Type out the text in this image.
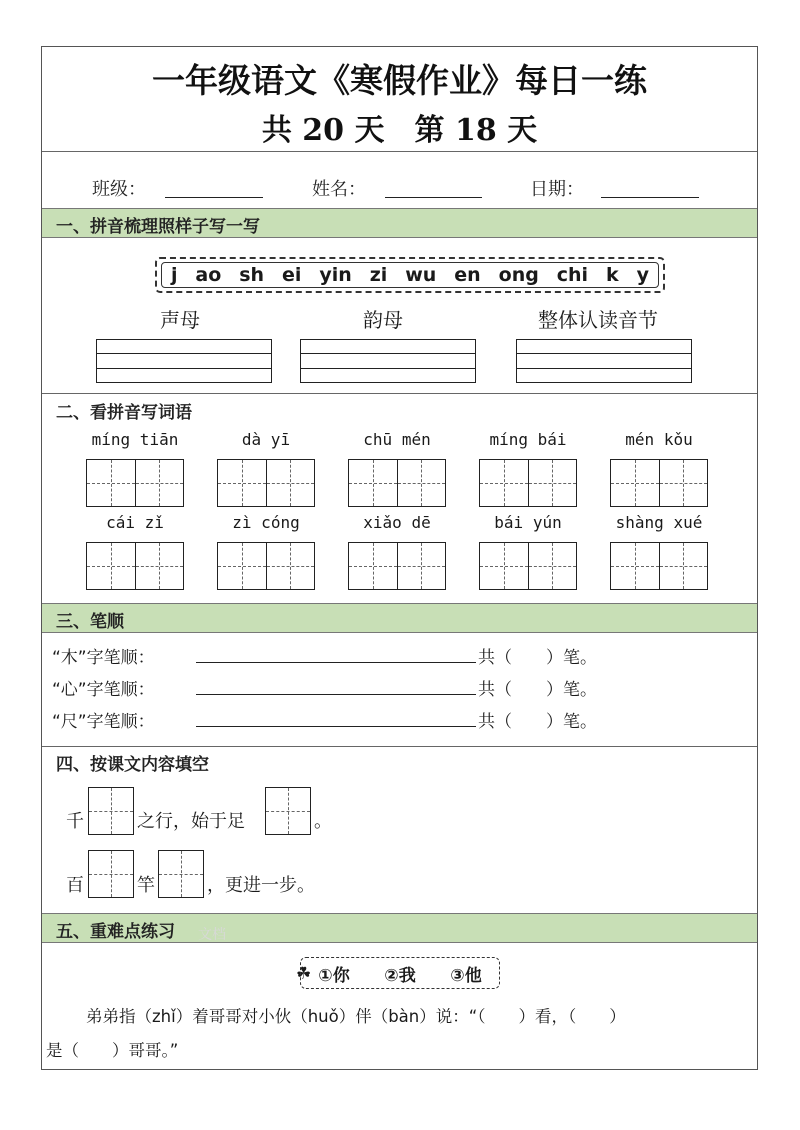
一年级语文《寒假作业》每日一练
共 20 天　第 18 天
班级：	姓名：	日期：
一、拼音梳理照样子写一写
j ao sh ei yin zi wu en ong chi k y
声母	韵母	整体认读音节
二、看拼音写词语
míng tiān	dà yī	chū mén	míng bái	mén kǒu
cái zǐ	zì cóng	xiǎo dē	bái yún	shàng xué
三、笔顺
“木”字笔顺：	共（　　）笔。
“心”字笔顺：	共（　　）笔。
“尺”字笔顺：	共（　　）笔。
四、按课文内容填空
千	之行，始于足	。
百	竿	，更进一步。
五、重难点练习 文档
☘ ①你 ②我 ③他
弟弟指（zhǐ）着哥哥对小伙（huǒ）伴（bàn）说：“（　　）看，（　　）
是（　　）哥哥。”
